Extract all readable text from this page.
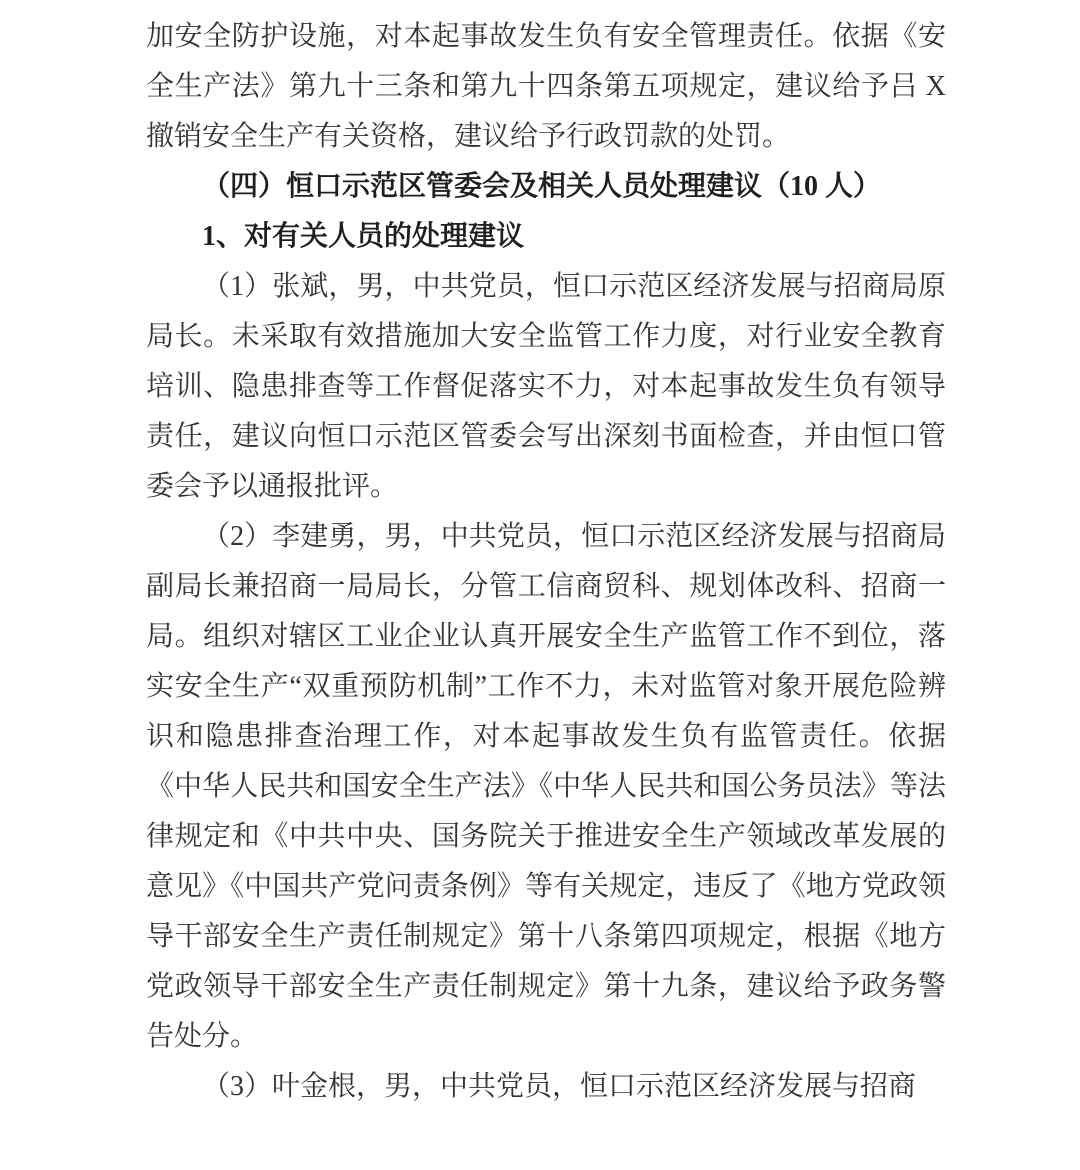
加安全防护设施，对本起事故发生负有安全管理责任。依据《安全生产法》第九十三条和第九十四条第五项规定，建议给予吕 X撤销安全生产有关资格，建议给予行政罚款的处罚。

（四）恒口示范区管委会及相关人员处理建议（10 人）

1、对有关人员的处理建议

（1）张斌，男，中共党员，恒口示范区经济发展与招商局原局长。未采取有效措施加大安全监管工作力度，对行业安全教育培训、隐患排查等工作督促落实不力，对本起事故发生负有领导责任，建议向恒口示范区管委会写出深刻书面检查，并由恒口管委会予以通报批评。

（2）李建勇，男，中共党员，恒口示范区经济发展与招商局副局长兼招商一局局长，分管工信商贸科、规划体改科、招商一局。组织对辖区工业企业认真开展安全生产监管工作不到位，落实安全生产“双重预防机制”工作不力，未对监管对象开展危险辨识和隐患排查治理工作，对本起事故发生负有监管责任。依据《中华人民共和国安全生产法》《中华人民共和国公务员法》等法律规定和《中共中央、国务院关于推进安全生产领域改革发展的意见》《中国共产党问责条例》等有关规定，违反了《地方党政领导干部安全生产责任制规定》第十八条第四项规定，根据《地方党政领导干部安全生产责任制规定》第十九条，建议给予政务警告处分。

（3）叶金根，男，中共党员，恒口示范区经济发展与招商
